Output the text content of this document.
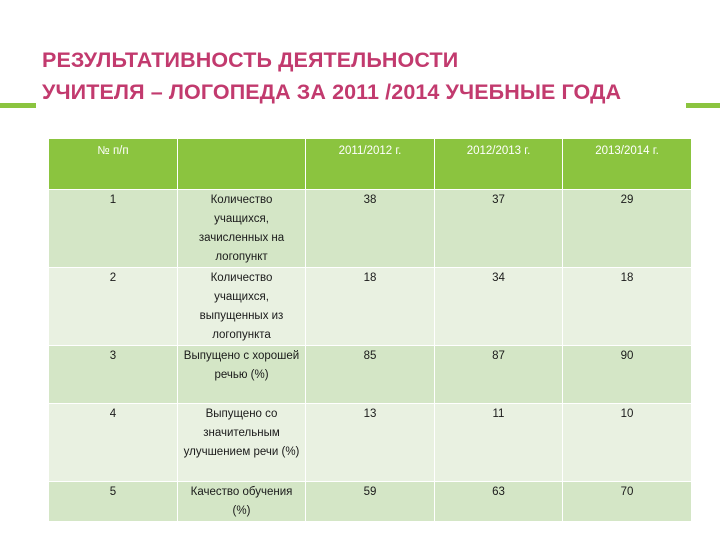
РЕЗУЛЬТАТИВНОСТЬ ДЕЯТЕЛЬНОСТИ
УЧИТЕЛЯ – ЛОГОПЕДА ЗА 2011 /2014 УЧЕБНЫЕ ГОДА
№ п/п		2011/2012 г.	2012/2013 г.	2013/2014 г.
1	Количество учащихся, зачисленных на логопункт	38	37	29
2	Количество учащихся, выпущенных из логопункта	18	34	18
3	Выпущено с хорошей речью (%)	85	87	90
4	Выпущено со значительным улучшением речи (%)	13	11	10
5	Качество обучения (%)	59	63	70
